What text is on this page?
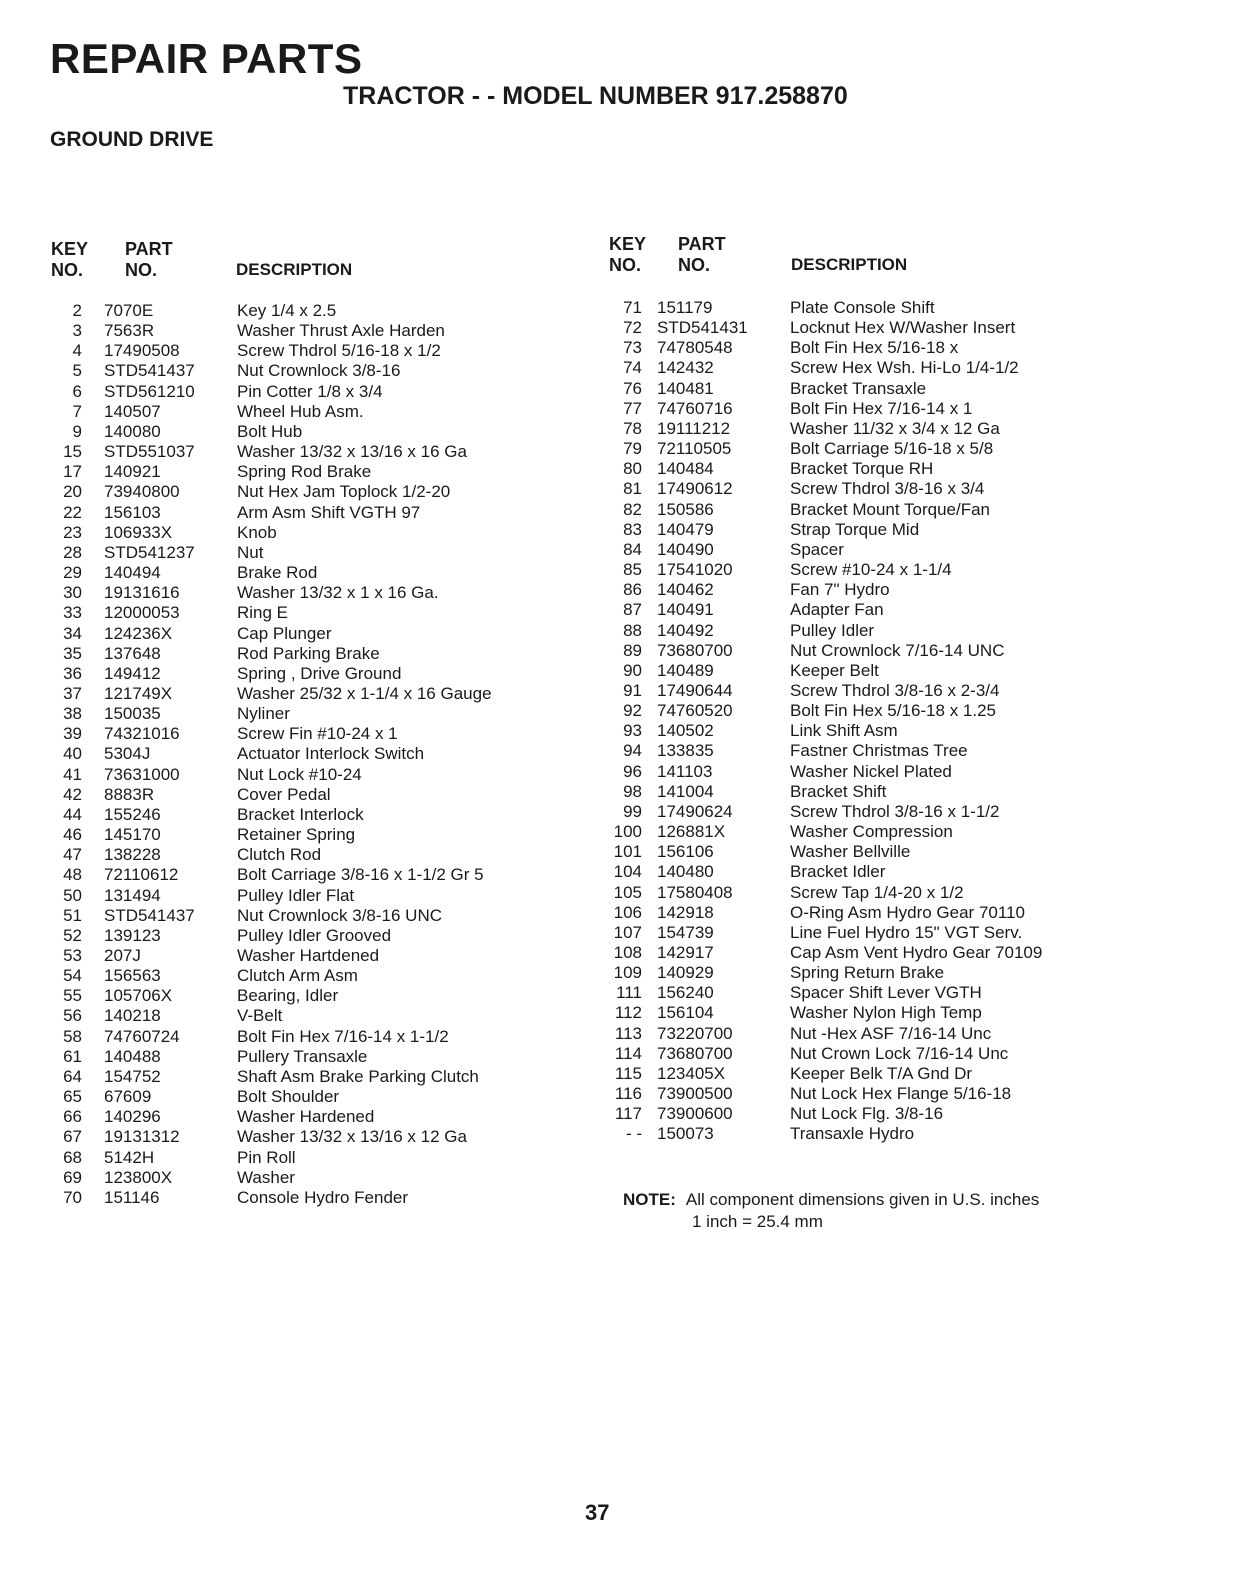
REPAIR PARTS
TRACTOR - - MODEL NUMBER 917.258870
GROUND DRIVE
KEY
NO.
PART
NO.	DESCRIPTION
KEY
NO.
PART
NO.	DESCRIPTION
2 7070E	Key 1/4 x 2.5
3 7563R	Washer Thrust Axle Harden
4 17490508	Screw Thdrol 5/16-18 x 1/2
5 STD541437 Nut Crownlock 3/8-16
6 STD561210 Pin Cotter 1/8 x 3/4
7 140507	Wheel Hub Asm.
9 140080	Bolt Hub
15 STD551037 Washer 13/32 x 13/16 x 16 Ga
17 140921	Spring Rod Brake
20 73940800	Nut Hex Jam Toplock 1/2-20
22 156103	Arm Asm Shift VGTH 97
23 106933X	Knob
28 STD541237 Nut
29 140494	Brake Rod
30 19131616	Washer 13/32 x 1 x 16 Ga.
33 12000053	Ring E
34 124236X	Cap Plunger
35 137648	Rod Parking Brake
36 149412	Spring , Drive Ground
37 121749X	Washer 25/32 x 1-1/4 x 16 Gauge
38 150035	Nyliner
39 74321016	Screw Fin #10-24 x 1
40 5304J	Actuator Interlock Switch
41 73631000	Nut Lock #10-24
42 8883R	Cover Pedal
44 155246	Bracket Interlock
46 145170	Retainer Spring
47 138228	Clutch Rod
48 72110612	Bolt Carriage 3/8-16 x 1-1/2 Gr 5
50 131494	Pulley Idler Flat
51 STD541437 Nut Crownlock 3/8-16 UNC
52 139123	Pulley Idler Grooved
53 207J	Washer Hartdened
54 156563	Clutch Arm Asm
55 105706X	Bearing, Idler
56 140218	V-Belt
58 74760724	Bolt Fin Hex 7/16-14 x 1-1/2
61 140488	Pullery Transaxle
64 154752	Shaft Asm Brake Parking Clutch
65 67609	Bolt Shoulder
66 140296	Washer Hardened
67 19131312	Washer 13/32 x 13/16 x 12 Ga
68 5142H	Pin Roll
69 123800X	Washer
70 151146	Console Hydro Fender
71 151179	Plate Console Shift
72 STD541431 Locknut Hex W/Washer Insert
73 74780548	Bolt Fin Hex 5/16-18 x
74 142432	Screw Hex Wsh. Hi-Lo 1/4-1/2
76 140481	Bracket Transaxle
77 74760716	Bolt Fin Hex 7/16-14 x 1
78 19111212	Washer 11/32 x 3/4 x 12 Ga
79 72110505	Bolt Carriage 5/16-18 x 5/8
80 140484	Bracket Torque RH
81 17490612	Screw Thdrol 3/8-16 x 3/4
82 150586	Bracket Mount Torque/Fan
83 140479	Strap Torque Mid
84 140490	Spacer
85 17541020	Screw #10-24 x 1-1/4
86 140462	Fan 7" Hydro
87 140491	Adapter Fan
88 140492	Pulley Idler
89 73680700	Nut Crownlock 7/16-14 UNC
90 140489	Keeper Belt
91 17490644	Screw Thdrol 3/8-16 x 2-3/4
92 74760520	Bolt Fin Hex 5/16-18 x 1.25
93 140502	Link Shift Asm
94 133835	Fastner Christmas Tree
96 141103	Washer Nickel Plated
98 141004	Bracket Shift
99 17490624	Screw Thdrol 3/8-16 x 1-1/2
100 126881X	Washer Compression
101 156106	Washer Bellville
104 140480	Bracket Idler
105 17580408	Screw Tap 1/4-20 x 1/2
106 142918	O-Ring Asm Hydro Gear 70110
107 154739	Line Fuel Hydro 15" VGT Serv.
108 142917	Cap Asm Vent Hydro Gear 70109
109 140929	Spring Return Brake
111 156240	Spacer Shift Lever VGTH
112 156104	Washer Nylon High Temp
113 73220700	Nut -Hex ASF 7/16-14 Unc
114 73680700	Nut Crown Lock 7/16-14 Unc
115 123405X	Keeper Belk T/A Gnd Dr
116 73900500	Nut Lock Hex Flange 5/16-18
117 73900600	Nut Lock Flg. 3/8-16
- - 150073	Transaxle Hydro
NOTE: All component dimensions given in U.S. inches
1 inch = 25.4 mm
37
